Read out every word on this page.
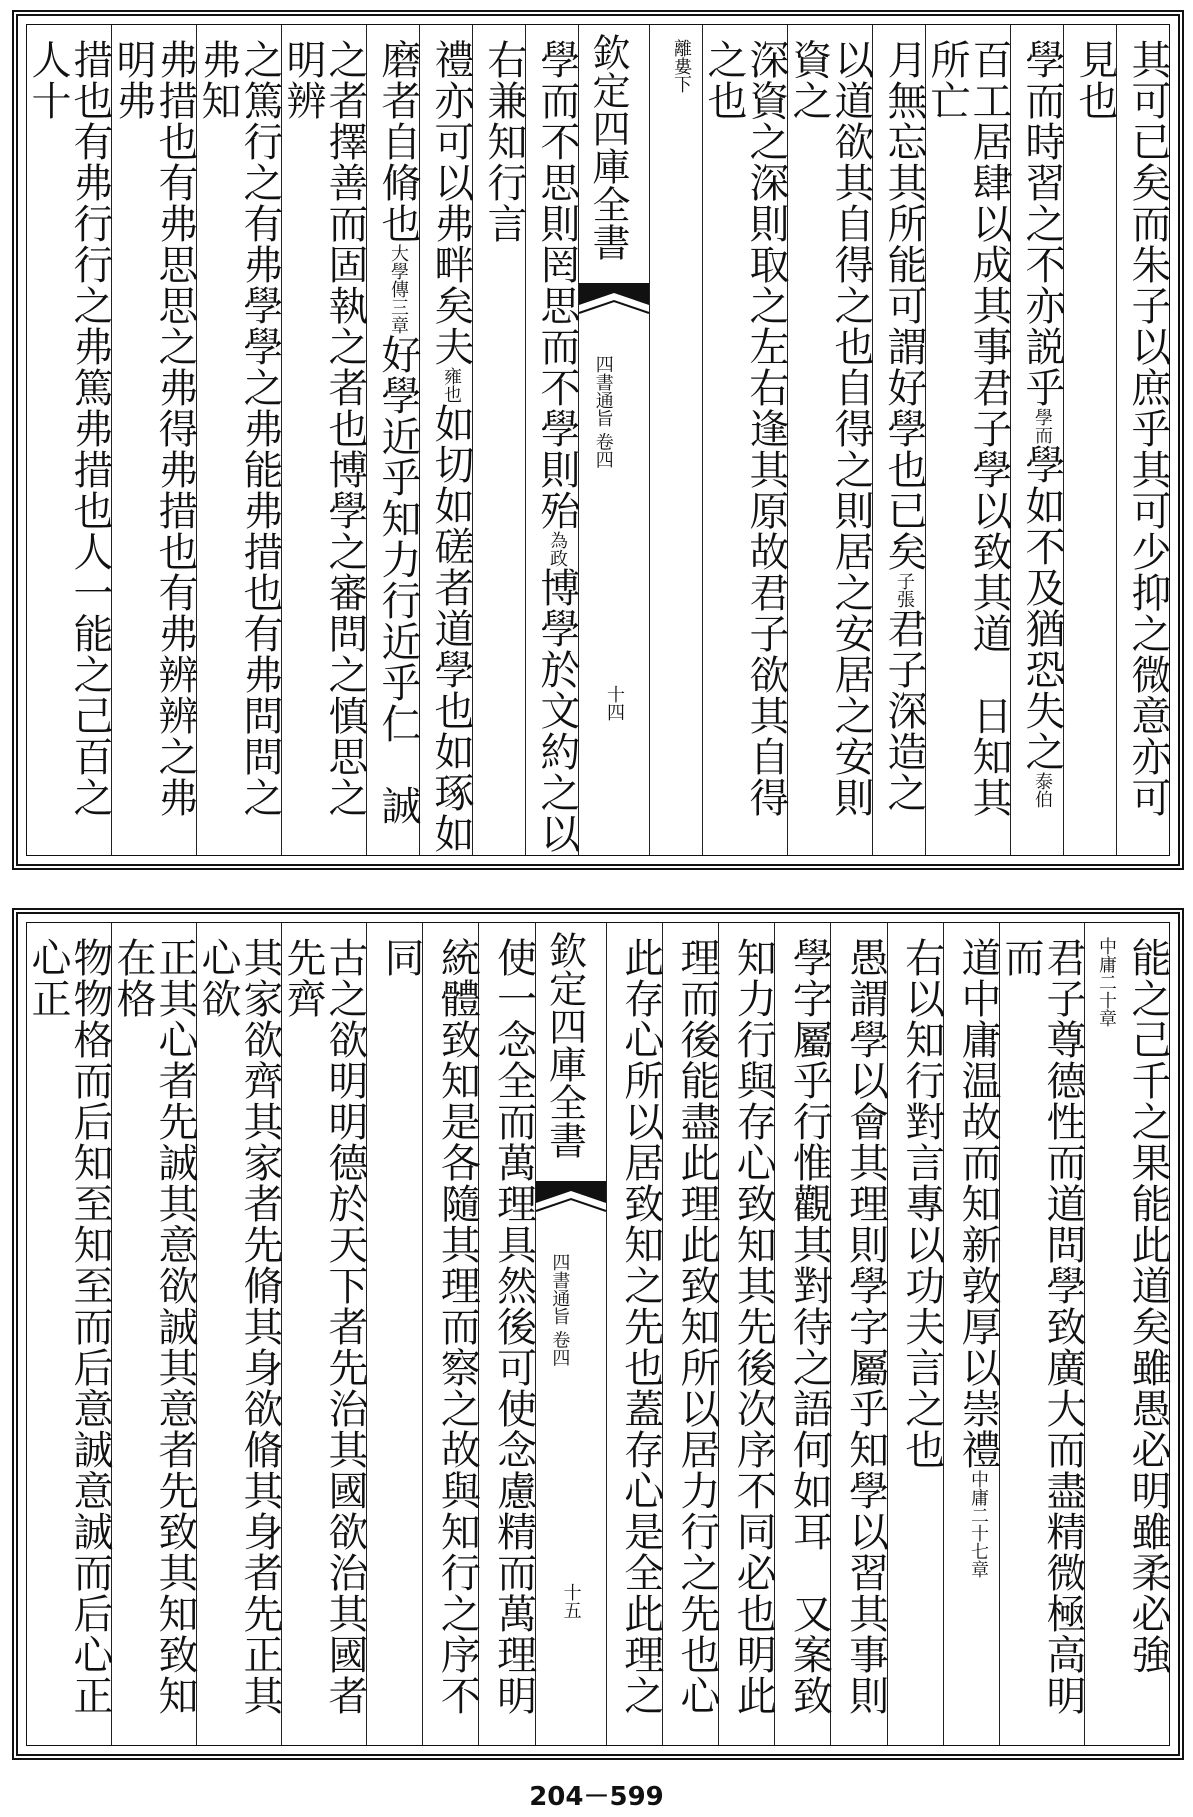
其可已矣而朱子以庶乎其可少抑之微意亦可
見也
學而時習之不亦説乎學而學如不及猶恐失之泰伯
百工居肆以成其事君子學以致其道　日知其所亡
月無忘其所能可謂好學也已矣子張君子深造之
以道欲其自得之也自得之則居之安居之安則資之
深資之深則取之左右逢其原故君子欲其自得之也
離婁下
欽定四庫全書
四書通旨 卷四
十四
學而不思則罔思而不學則殆為政博學於文約之以
右兼知行言
禮亦可以弗畔矣夫雍也如切如磋者道學也如琢如
磨者自脩也大學傳三章好學近乎知力行近乎仁　誠
之者擇善而固執之者也博學之審問之慎思之明辨
之篤行之有弗學學之弗能弗措也有弗問問之弗知
弗措也有弗思思之弗得弗措也有弗辨辨之弗明弗
措也有弗行行之弗篤弗措也人一能之己百之人十
能之己千之果能此道矣雖愚必明雖柔必強中庸二十章
君子尊德性而道問學致廣大而盡精微極高明而
道中庸温故而知新敦厚以崇禮中庸二十七章
右以知行對言專以功夫言之也
愚謂學以會其理則學字屬乎知學以習其事則
學字屬乎行惟觀其對待之語何如耳　又案致
知力行與存心致知其先後次序不同必也明此
理而後能盡此理此致知所以居力行之先也心
此存心所以居致知之先也蓋存心是全此理之
欽定四庫全書
四書通旨 卷四
十五
使一念全而萬理具然後可使念慮精而萬理明
統體致知是各隨其理而察之故與知行之序不
同
古之欲明明德於天下者先治其國欲治其國者先齊
其家欲齊其家者先脩其身欲脩其身者先正其心欲
正其心者先誠其意欲誠其意者先致其知致知在格
物物格而后知至知至而后意誠意誠而后心正心正
204－599
